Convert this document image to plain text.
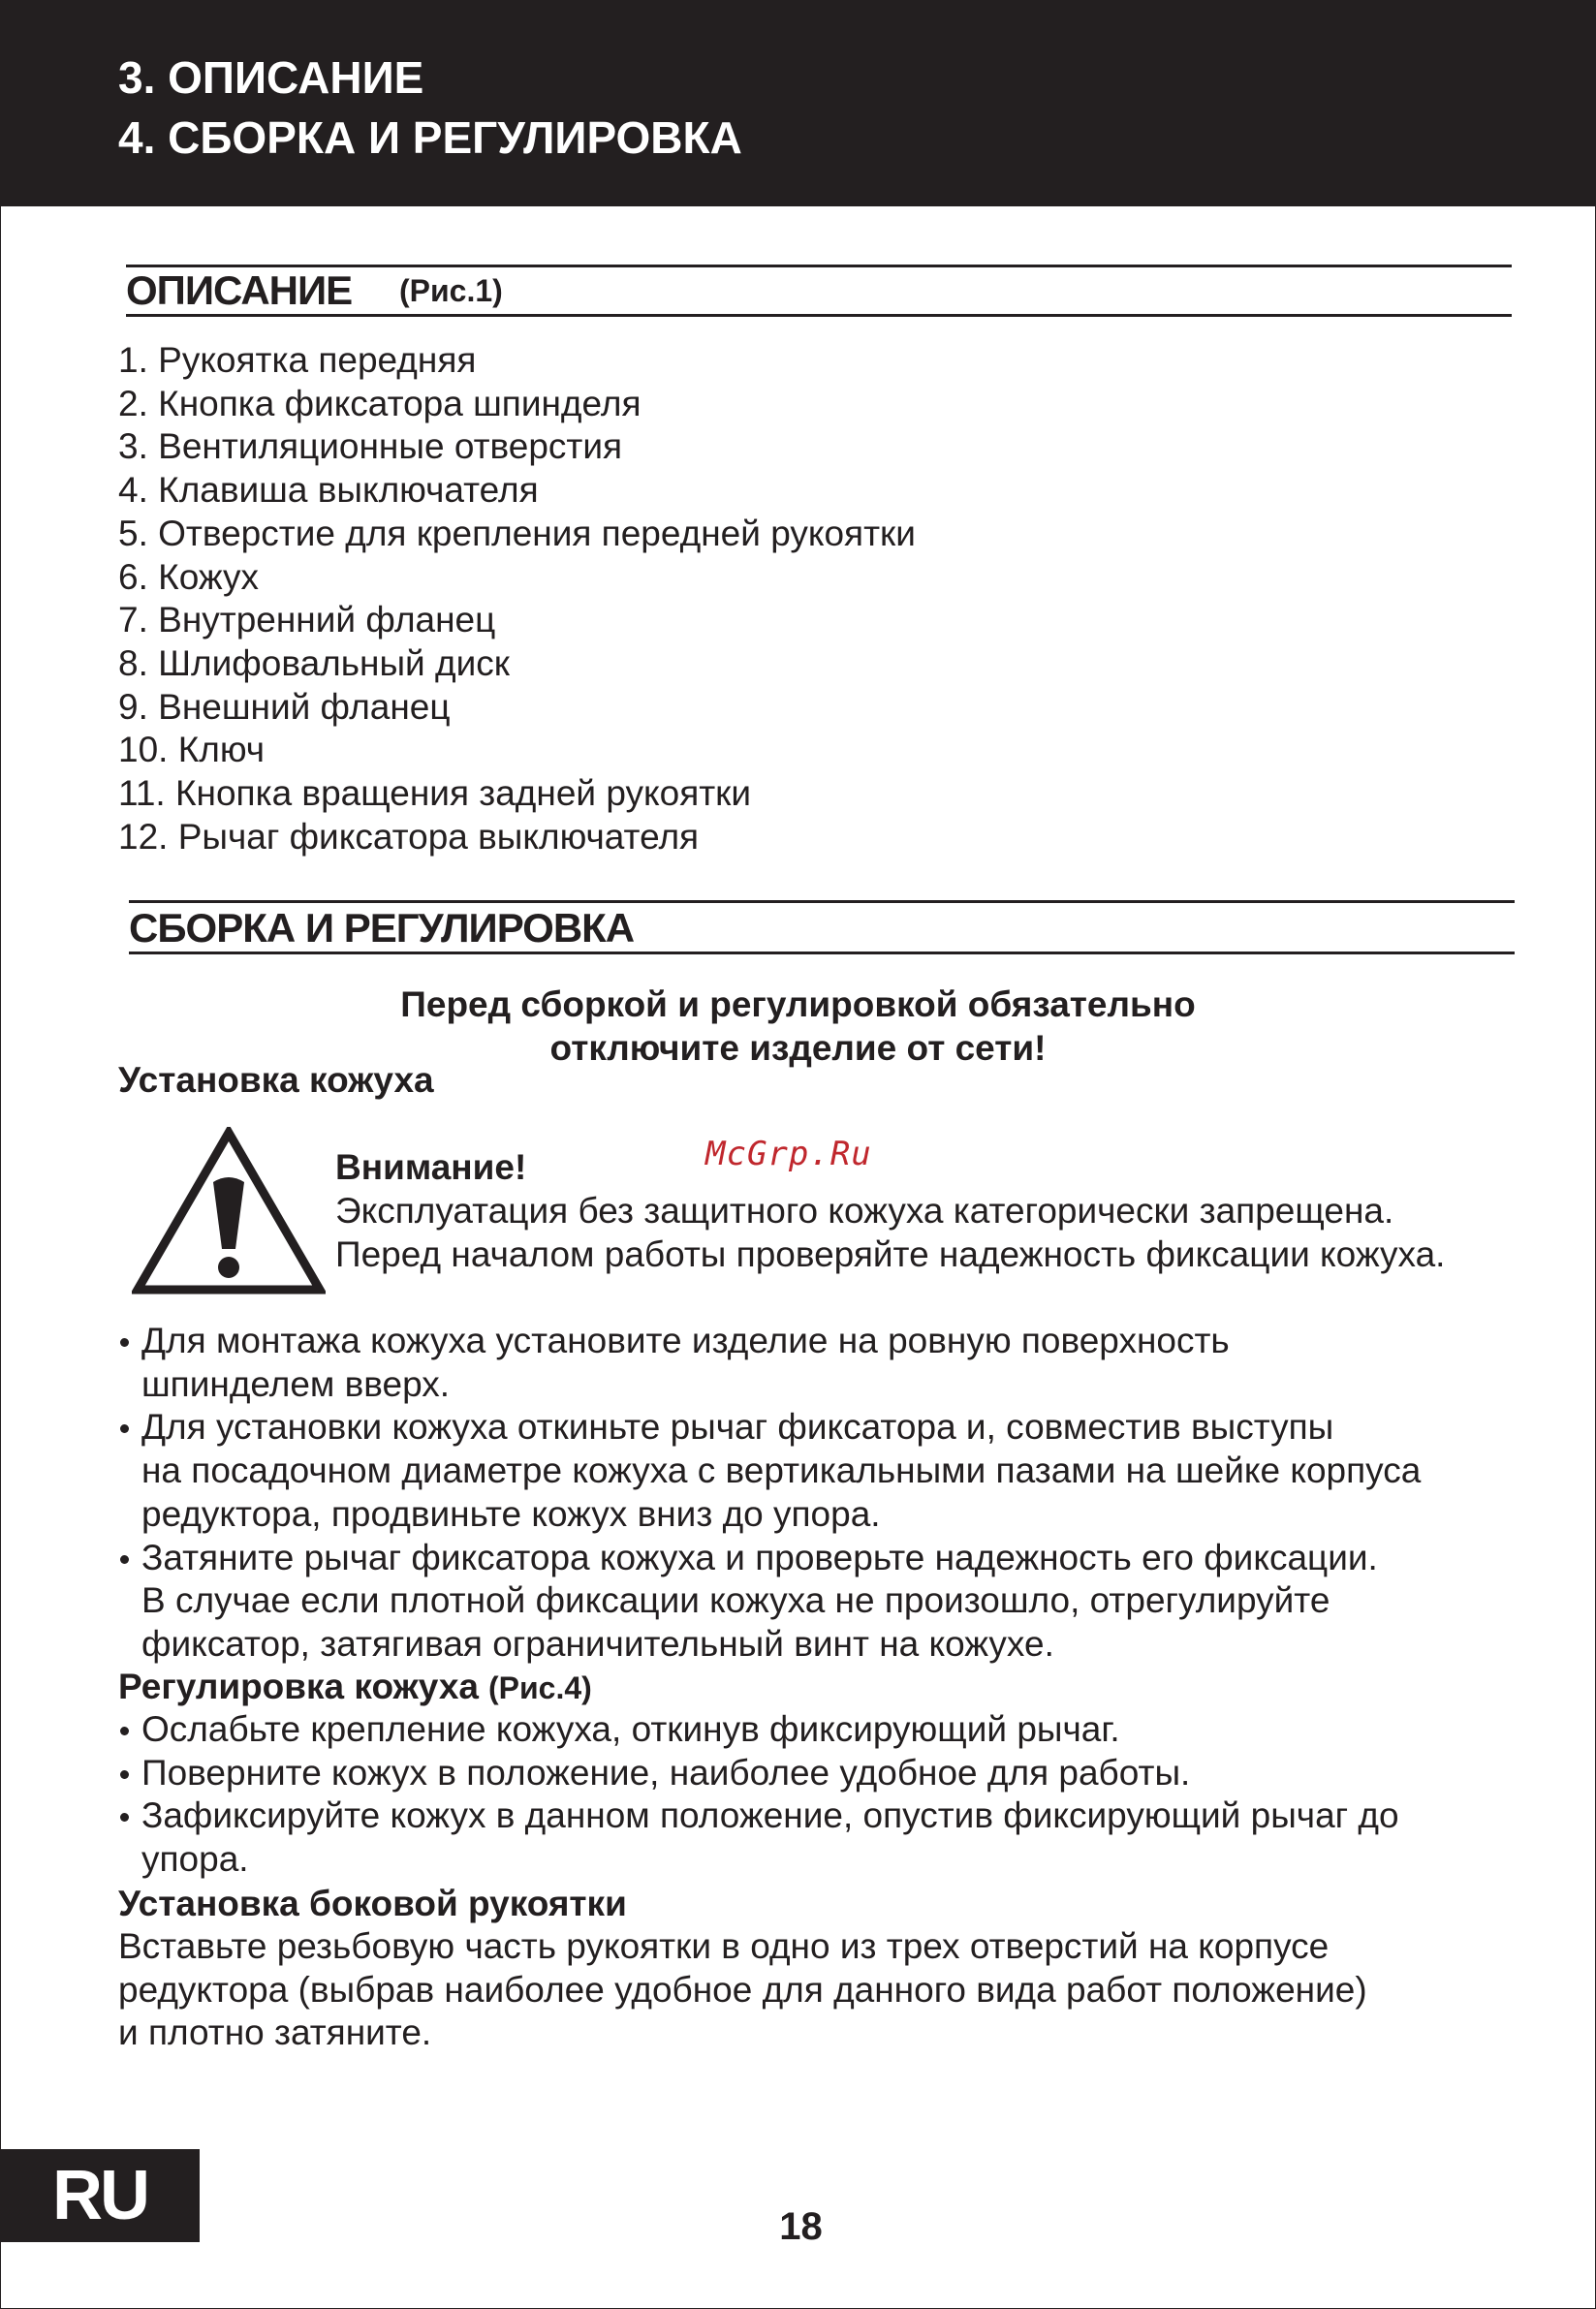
3. ОПИСАНИЕ
4. СБОРКА И РЕГУЛИРОВКА
ОПИСАНИЕ (Рис.1)
1. Рукоятка передняя
2. Кнопка фиксатора шпинделя
3. Вентиляционные отверстия
4. Клавиша выключателя
5. Отверстие для крепления передней рукоятки
6. Кожух
7. Внутренний фланец
8. Шлифовальный диск
9. Внешний фланец
10. Ключ
11. Кнопка вращения задней рукоятки
12. Рычаг фиксатора выключателя
СБОРКА И РЕГУЛИРОВКА
Перед сборкой и регулировкой обязательно
отключите изделие от сети!
Установка кожуха
Внимание!	McGrp.Ru
Эксплуатация без защитного кожуха категорически запрещена.
Перед началом работы проверяйте надежность фиксации кожуха.
Для монтажа кожуха установите изделие на ровную поверхность
шпинделем вверх.
Для установки кожуха откиньте рычаг фиксатора и, совместив выступы
на посадочном диаметре кожуха с вертикальными пазами на шейке корпуса
редуктора, продвиньте кожух вниз до упора.
Затяните рычаг фиксатора кожуха и проверьте надежность его фиксации.
В случае если плотной фиксации кожуха не произошло, отрегулируйте
фиксатор, затягивая ограничительный винт на кожухе.
Регулировка кожуха (Рис.4)
Ослабьте крепление кожуха, откинув фиксирующий рычаг.
Поверните кожух в положение, наиболее удобное для работы.
Зафиксируйте кожух в данном положение, опустив фиксирующий рычаг до
упора.
Установка боковой рукоятки
Вставьте резьбовую часть рукоятки в одно из трех отверстий на корпусе
редуктора (выбрав наиболее удобное для данного вида работ положение)
и плотно затяните.
RU	18
